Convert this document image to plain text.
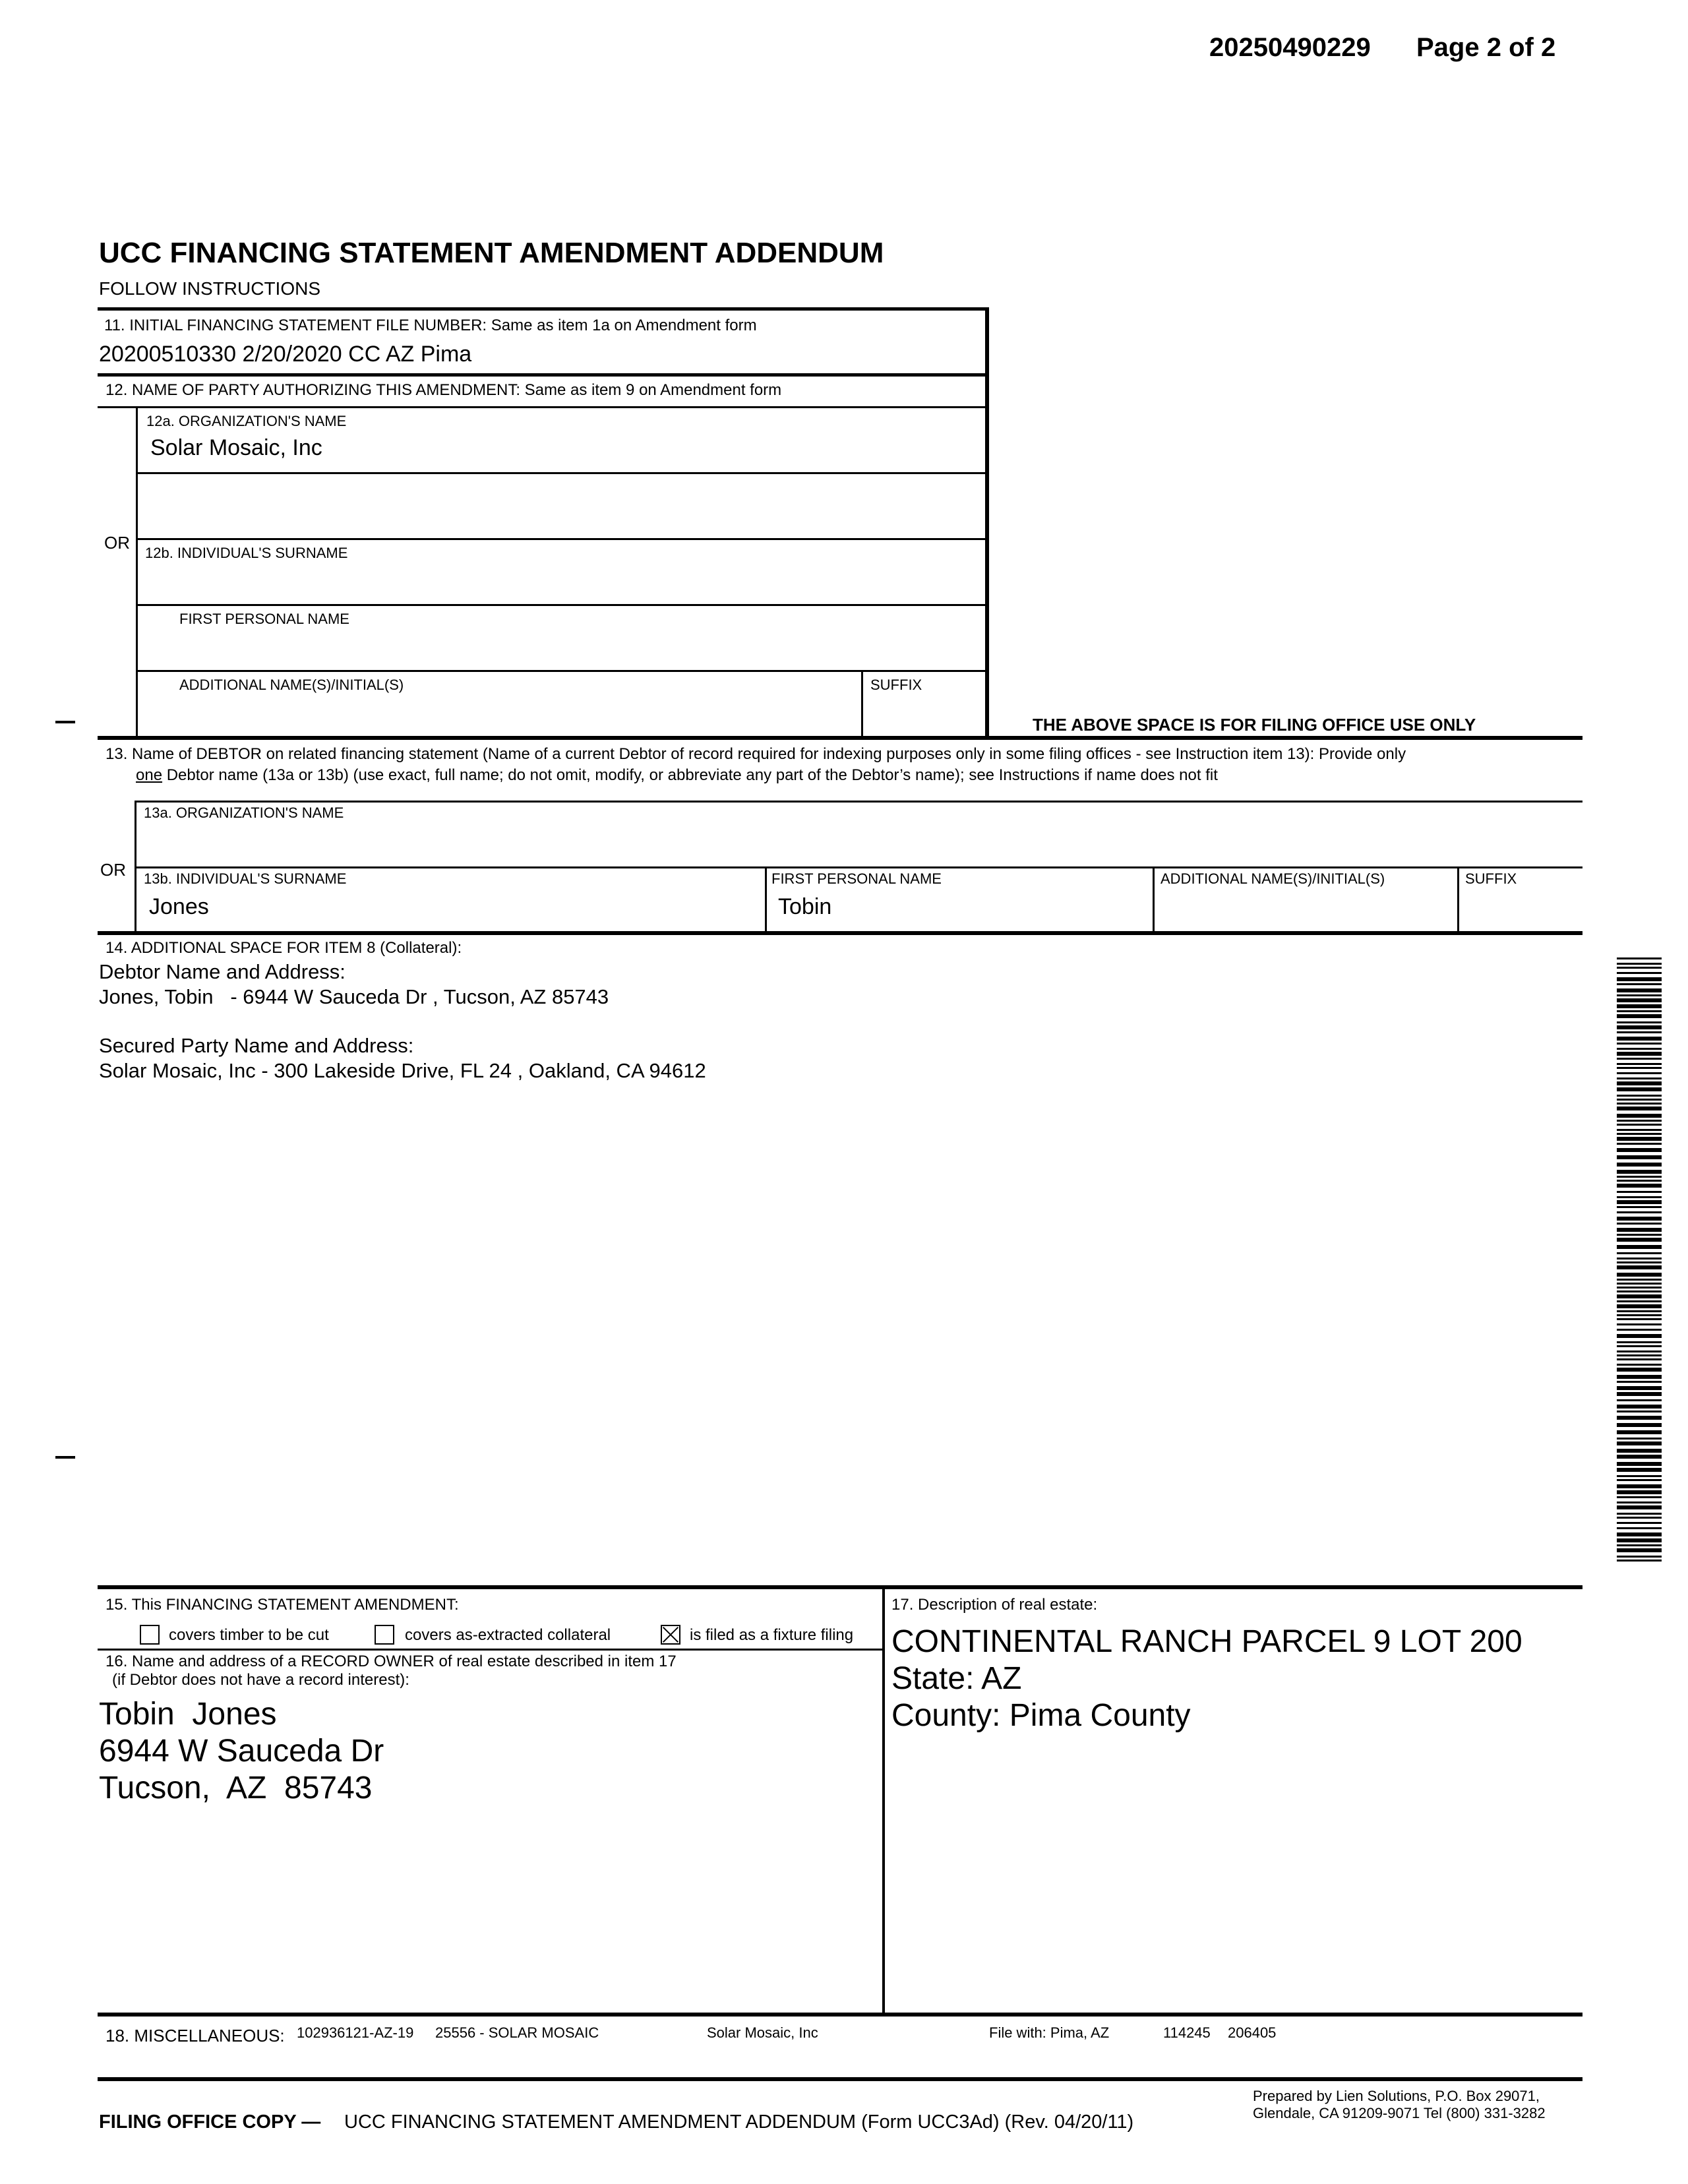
20250490229 Page 2 of 2
UCC FINANCING STATEMENT AMENDMENT ADDENDUM
FOLLOW INSTRUCTIONS
11. INITIAL FINANCING STATEMENT FILE NUMBER: Same as item 1a on Amendment form
20200510330 2/20/2020 CC AZ Pima
12. NAME OF PARTY AUTHORIZING THIS AMENDMENT: Same as item 9 on Amendment form
12a. ORGANIZATION'S NAME
Solar Mosaic, Inc
OR
12b. INDIVIDUAL'S SURNAME
FIRST PERSONAL NAME
ADDITIONAL NAME(S)/INITIAL(S)	SUFFIX
THE ABOVE SPACE IS FOR FILING OFFICE USE ONLY
13. Name of DEBTOR on related financing statement (Name of a current Debtor of record required for indexing purposes only in some filing offices - see Instruction item 13): Provide only
one Debtor name (13a or 13b) (use exact, full name; do not omit, modify, or abbreviate any part of the Debtor’s name); see Instructions if name does not fit
13a. ORGANIZATION'S NAME
OR 13b. INDIVIDUAL'S SURNAME
Jones
FIRST PERSONAL NAME
Tobin
ADDITIONAL NAME(S)/INITIAL(S)	SUFFIX
14. ADDITIONAL SPACE FOR ITEM 8 (Collateral):
Debtor Name and Address:
Jones, Tobin   - 6944 W Sauceda Dr , Tucson, AZ 85743
Secured Party Name and Address:
Solar Mosaic, Inc - 300 Lakeside Drive, FL 24 , Oakland, CA 94612
15. This FINANCING STATEMENT AMENDMENT:
covers timber to be cut	covers as-extracted collateral	is filed as a fixture filing
16. Name and address of a RECORD OWNER of real estate described in item 17
(if Debtor does not have a record interest):
Tobin  Jones
6944 W Sauceda Dr
Tucson,  AZ  85743
17. Description of real estate:
CONTINENTAL RANCH PARCEL 9 LOT 200
State: AZ
County: Pima County
18. MISCELLANEOUS: 102936121-AZ-19 25556 - SOLAR MOSAIC	Solar Mosaic, Inc	File with: Pima, AZ	114245 206405
FILING OFFICE COPY — UCC FINANCING STATEMENT AMENDMENT ADDENDUM (Form UCC3Ad) (Rev. 04/20/11)
Prepared by Lien Solutions, P.O. Box 29071,
Glendale, CA 91209-9071 Tel (800) 331-3282
